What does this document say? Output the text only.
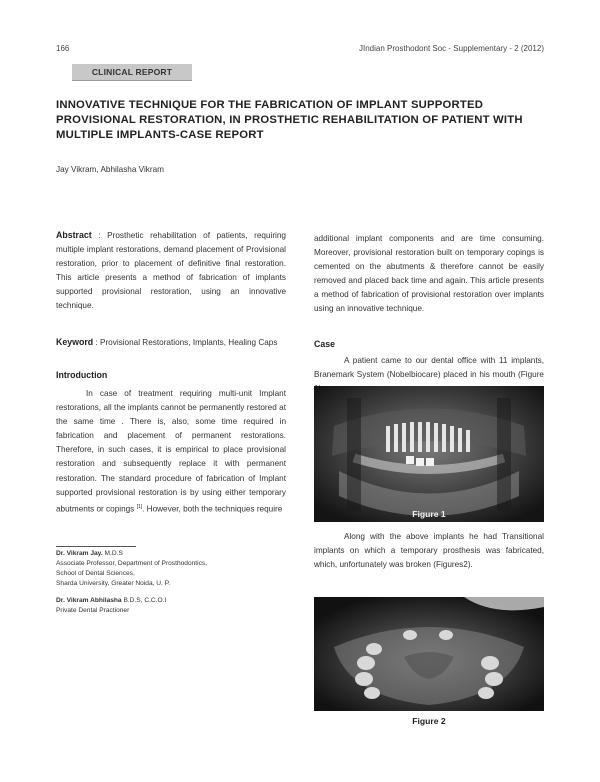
166	JIndian Prosthodont Soc - Supplementary - 2 (2012)
CLINICAL REPORT
INNOVATIVE TECHNIQUE FOR THE FABRICATION OF IMPLANT SUPPORTED PROVISIONAL RESTORATION, IN PROSTHETIC REHABILITATION OF PATIENT WITH MULTIPLE IMPLANTS-CASE REPORT
Jay Vikram, Abhilasha Vikram
Abstract : Prosthetic rehabilitation of patients, requiring multiple implant restorations, demand placement of Provisional restoration, prior to placement of definitive final restoration. This article presents a method of fabrication of implants supported provisional restoration, using an innovative technique.
Keyword : Provisional Restorations, Implants, Healing Caps
Introduction
In case of treatment requiring multi-unit Implant restorations, all the implants cannot be permanently restored at the same time . There is, also, some time required in fabrication and placement of permanent restorations. Therefore, in such cases, it is empirical to place provisional restoration and subsequently replace it with permanent restoration. The standard procedure of fabrication of Implant supported provisional restoration is by using either temporary abutments or copings [1]. However, both the techniques require
Dr. Vikram Jay. M.D.S
Associate Professor, Department of Prosthodontics,
School of Dental Sciences,
Sharda University, Greater Noida, U. P.
Dr. Vikram Abhilasha B.D.S, C.C.O.I
Private Dental Practioner
additional implant components and are time consuming. Moreover, provisional restoration built on temporary copings is cemented on the abutments & therefore cannot be easily removed and placed back time and again. This article presents a method of fabrication of provisional restoration over implants using an innovative technique.
Case
A patient came to our dental office with 11 implants, Branemark System (Nobelbiocare) placed in his mouth (Figure
Figure 1
Along with the above implants he had Transitional implants on which a temporary prosthesis was fabricated, which, unfortunately was broken (Figures2).
Figure 2
